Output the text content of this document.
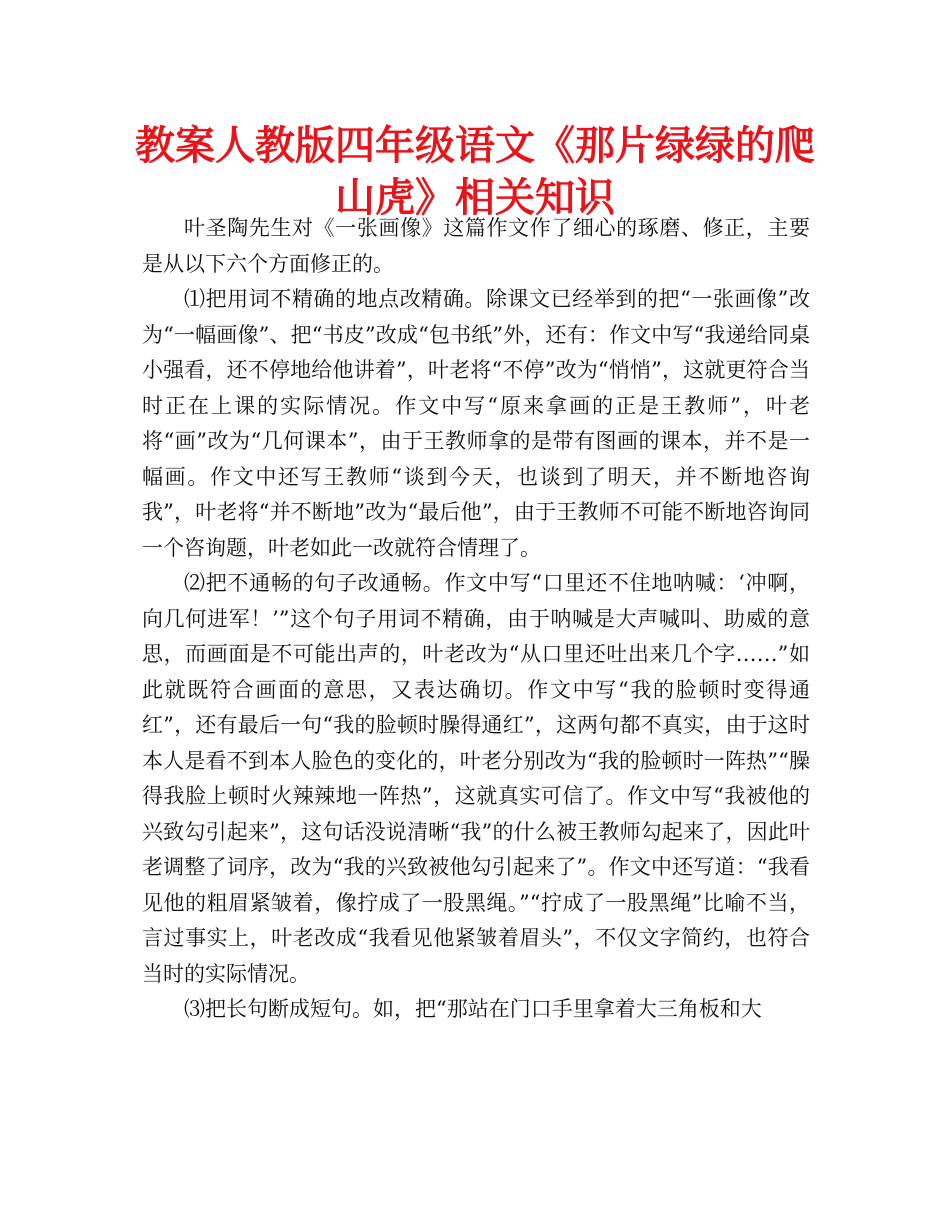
教案人教版四年级语文《那片绿绿的爬山虎》相关知识

叶圣陶先生对《一张画像》这篇作文作了细心的琢磨、修正，主要是从以下六个方面修正的。

⑴把用词不精确的地点改精确。除课文已经举到的把“一张画像”改为“一幅画像”、把“书皮”改成“包书纸”外，还有：作文中写“我递给同桌小强看，还不停地给他讲着”，叶老将“不停”改为“悄悄”，这就更符合当时正在上课的实际情况。作文中写“原来拿画的正是王教师”，叶老将“画”改为“几何课本”，由于王教师拿的是带有图画的课本，并不是一幅画。作文中还写王教师“谈到今天，也谈到了明天，并不断地咨询我”，叶老将“并不断地”改为“最后他”，由于王教师不可能不断地咨询同一个咨询题，叶老如此一改就符合情理了。

⑵把不通畅的句子改通畅。作文中写“口里还不住地呐喊：‘冲啊，向几何进军！’”这个句子用词不精确，由于呐喊是大声喊叫、助威的意思，而画面是不可能出声的，叶老改为“从口里还吐出来几个字……”如此就既符合画面的意思，又表达确切。作文中写“我的脸顿时变得通红”，还有最后一句“我的脸顿时臊得通红”，这两句都不真实，由于这时本人是看不到本人脸色的变化的，叶老分别改为“我的脸顿时一阵热”“臊得我脸上顿时火辣辣地一阵热”，这就真实可信了。作文中写“我被他的兴致勾引起来”，这句话没说清晰“我”的什么被王教师勾起来了，因此叶老调整了词序，改为“我的兴致被他勾引起来了”。作文中还写道：“我看见他的粗眉紧皱着，像拧成了一股黑绳。”“拧成了一股黑绳”比喻不当，言过事实上，叶老改成“我看见他紧皱着眉头”，不仅文字简约，也符合当时的实际情况。

⑶把长句断成短句。如，把“那站在门口手里拿着大三角板和大
